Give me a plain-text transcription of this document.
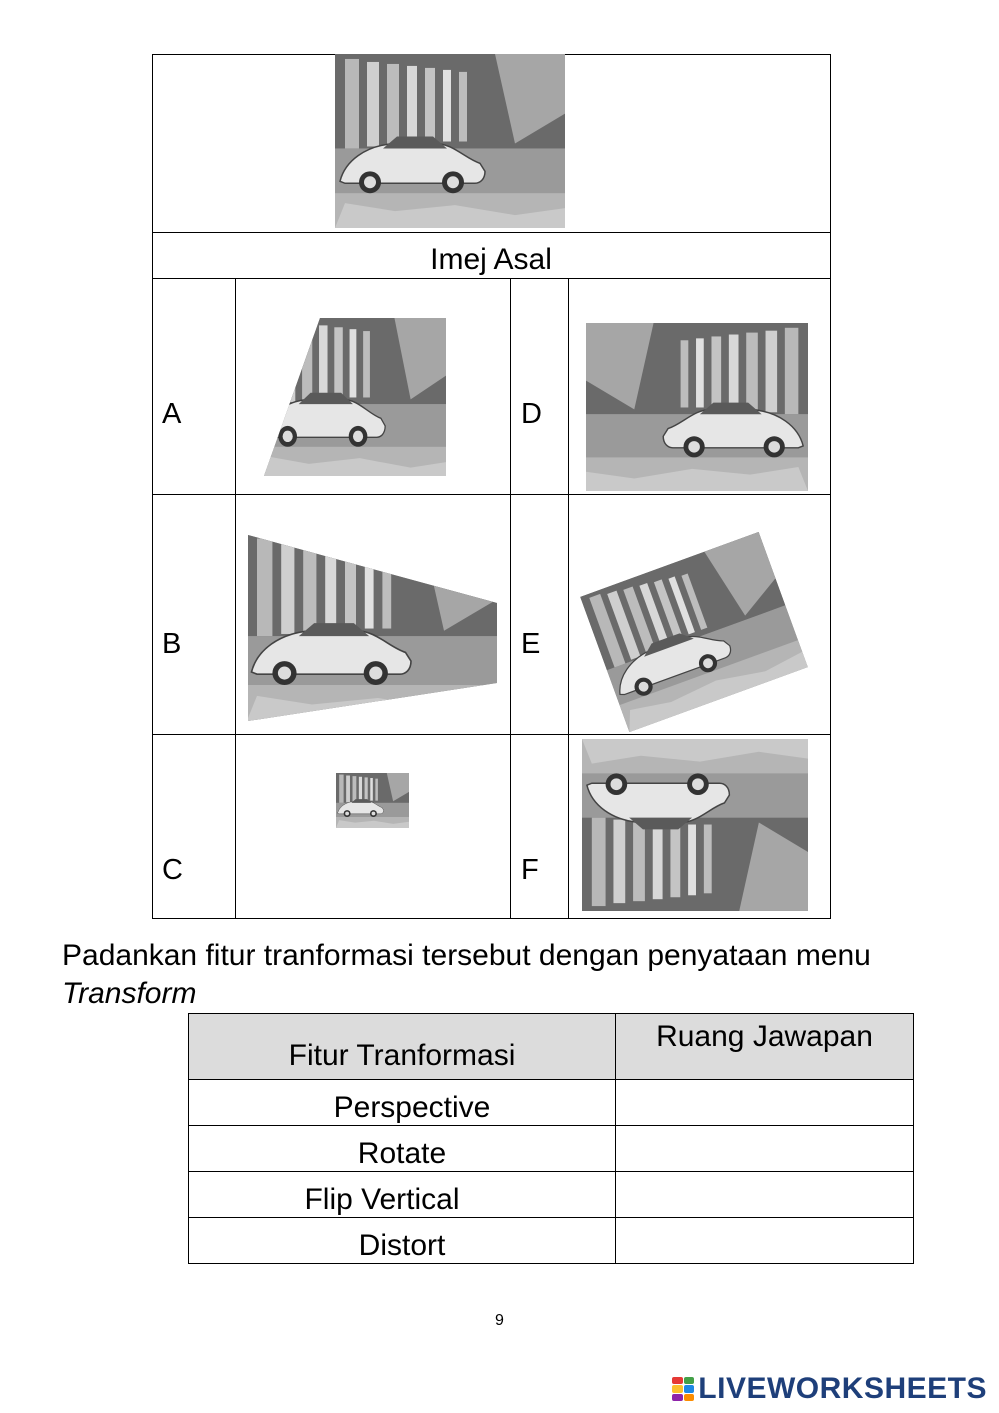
Imej Asal
A	D
B	E
C	F
Padankan fitur tranformasi tersebut dengan penyataan menu Transform
Fitur Tranformasi	Ruang Jawapan
Perspective	
Rotate	
Flip Vertical	
Distort	
9
LIVEWORKSHEETS
